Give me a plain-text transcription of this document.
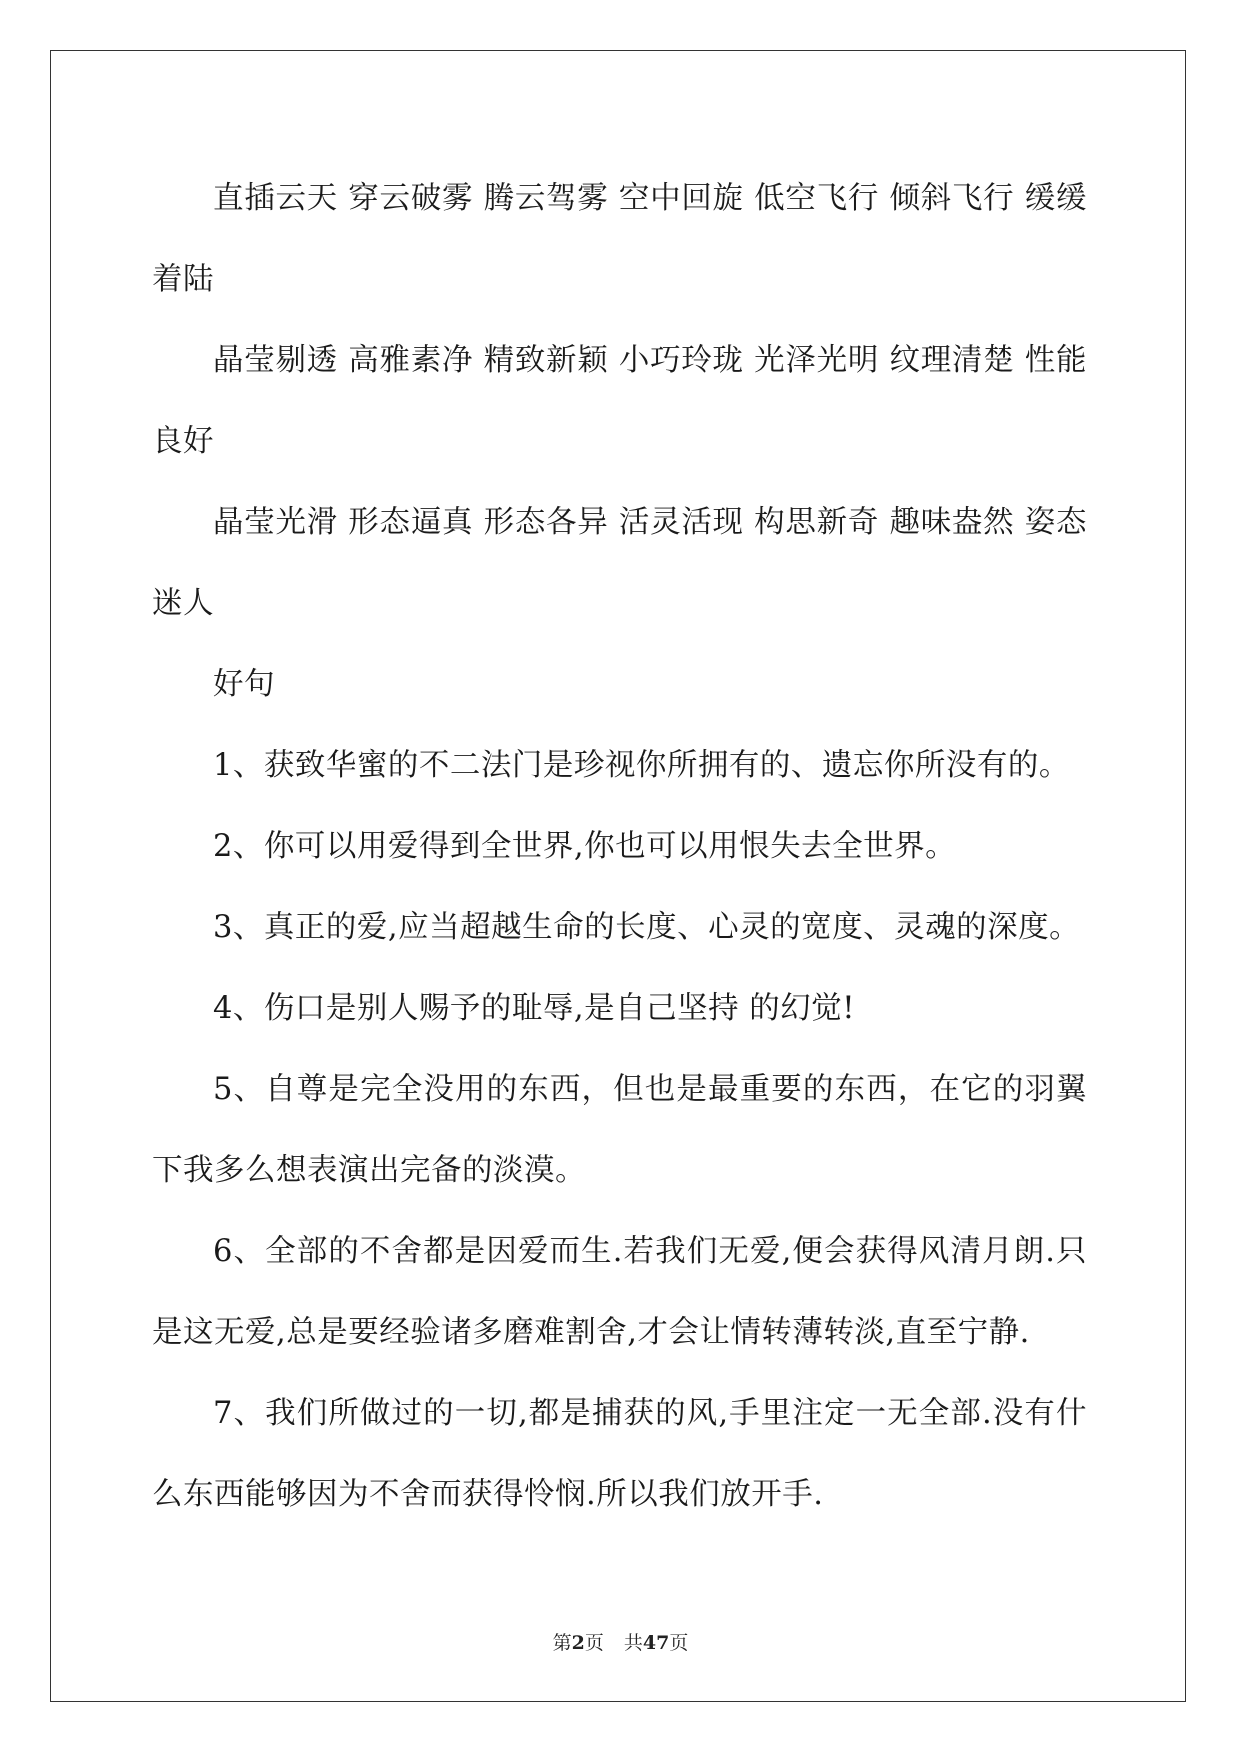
直插云天 穿云破雾 腾云驾雾 空中回旋 低空飞行 倾斜飞行 缓缓着陆

晶莹剔透 高雅素净 精致新颖 小巧玲珑 光泽光明 纹理清楚 性能良好

晶莹光滑 形态逼真 形态各异 活灵活现 构思新奇 趣味盎然 姿态迷人

好句

1、获致华蜜的不二法门是珍视你所拥有的、遗忘你所没有的。

2、你可以用爱得到全世界,你也可以用恨失去全世界。

3、真正的爱,应当超越生命的长度、心灵的宽度、灵魂的深度。

4、伤口是别人赐予的耻辱,是自己坚持 的幻觉!

5、自尊是完全没用的东西，但也是最重要的东西，在它的羽翼下我多么想表演出完备的淡漠。

6、全部的不舍都是因爱而生.若我们无爱,便会获得风清月朗.只是这无爱,总是要经验诸多磨难割舍,才会让情转薄转淡,直至宁静.

7、我们所做过的一切,都是捕获的风,手里注定一无全部.没有什么东西能够因为不舍而获得怜悯.所以我们放开手.

第2页 共47页
